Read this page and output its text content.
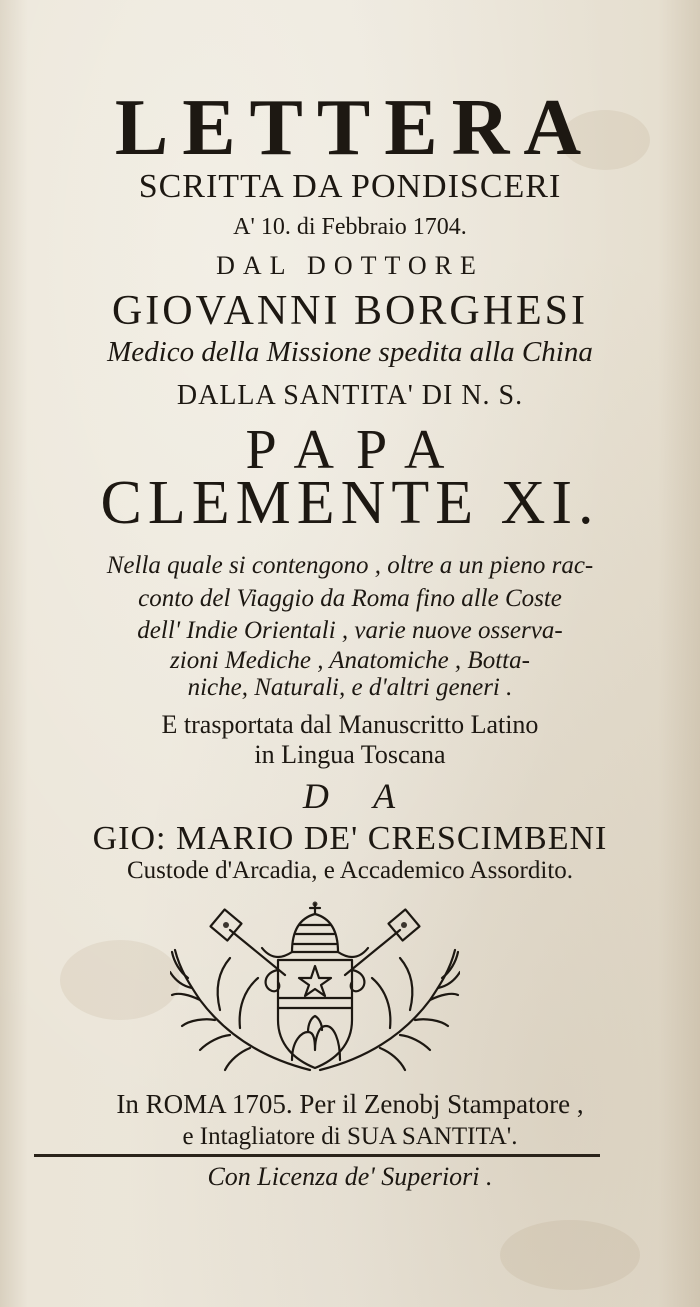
LETTERA
SCRITTA DA PONDISCERI
A' 10. di Febbraio 1704.
DAL DOTTORE
GIOVANNI BORGHESI
Medico della Missione spedita alla China
DALLA SANTITA' DI N. S.
PAPA
CLEMENTE XI.
Nella quale si contengono , oltre a un pieno rac-
conto del Viaggio da Roma fino alle Coste
dell' Indie Orientali , varie nuove osserva-
zioni Mediche , Anatomiche , Botta-
niche, Naturali, e d'altri generi .
E trasportata dal Manuscritto Latino
in Lingua Toscana
D A
GIO: MARIO DE' CRESCIMBENI
Custode d'Arcadia, e Accademico Assordito.
In ROMA 1705. Per il Zenobj Stampatore ,
e Intagliatore di SUA SANTITA'.
Con Licenza de' Superiori .
